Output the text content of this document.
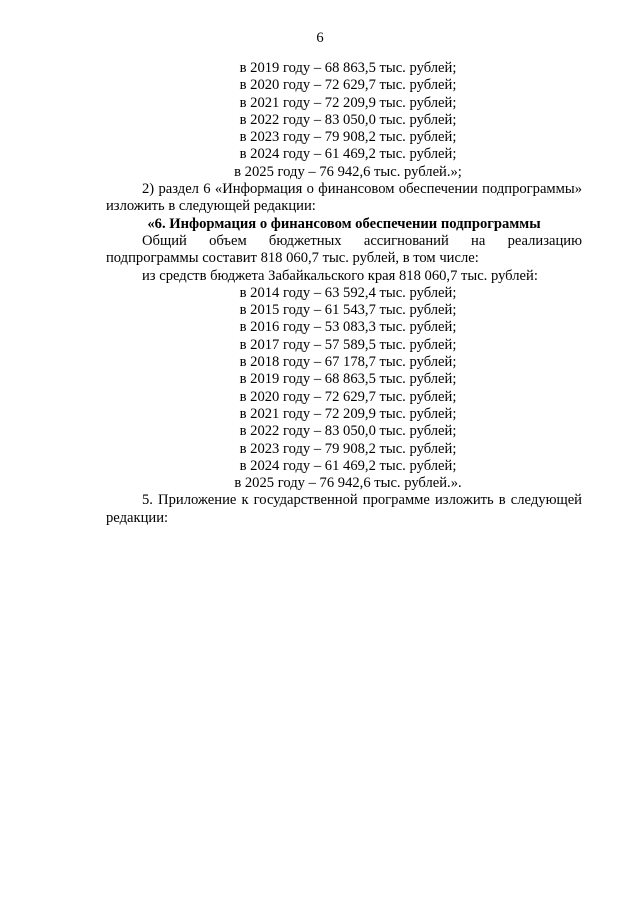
6
в 2019 году – 68 863,5 тыс. рублей;
в 2020 году – 72 629,7 тыс. рублей;
в 2021 году – 72 209,9 тыс. рублей;
в 2022 году – 83 050,0 тыс. рублей;
в 2023 году – 79 908,2 тыс. рублей;
в 2024 году – 61 469,2 тыс. рублей;
в 2025 году – 76 942,6 тыс. рублей.»;

2) раздел 6 «Информация о финансовом обеспечении подпрограммы» изложить в следующей редакции:

«6. Информация о финансовом обеспечении подпрограммы

Общий объем бюджетных ассигнований на реализацию подпрограммы составит 818 060,7 тыс. рублей, в том числе:

из средств бюджета Забайкальского края 818 060,7 тыс. рублей:

в 2014 году – 63 592,4 тыс. рублей;
в 2015 году – 61 543,7 тыс. рублей;
в 2016 году – 53 083,3 тыс. рублей;
в 2017 году – 57 589,5 тыс. рублей;
в 2018 году – 67 178,7 тыс. рублей;
в 2019 году – 68 863,5 тыс. рублей;
в 2020 году – 72 629,7 тыс. рублей;
в 2021 году – 72 209,9 тыс. рублей;
в 2022 году – 83 050,0 тыс. рублей;
в 2023 году – 79 908,2 тыс. рублей;
в 2024 году – 61 469,2 тыс. рублей;
в 2025 году – 76 942,6 тыс. рублей.».

5. Приложение к государственной программе изложить в следующей редакции:
